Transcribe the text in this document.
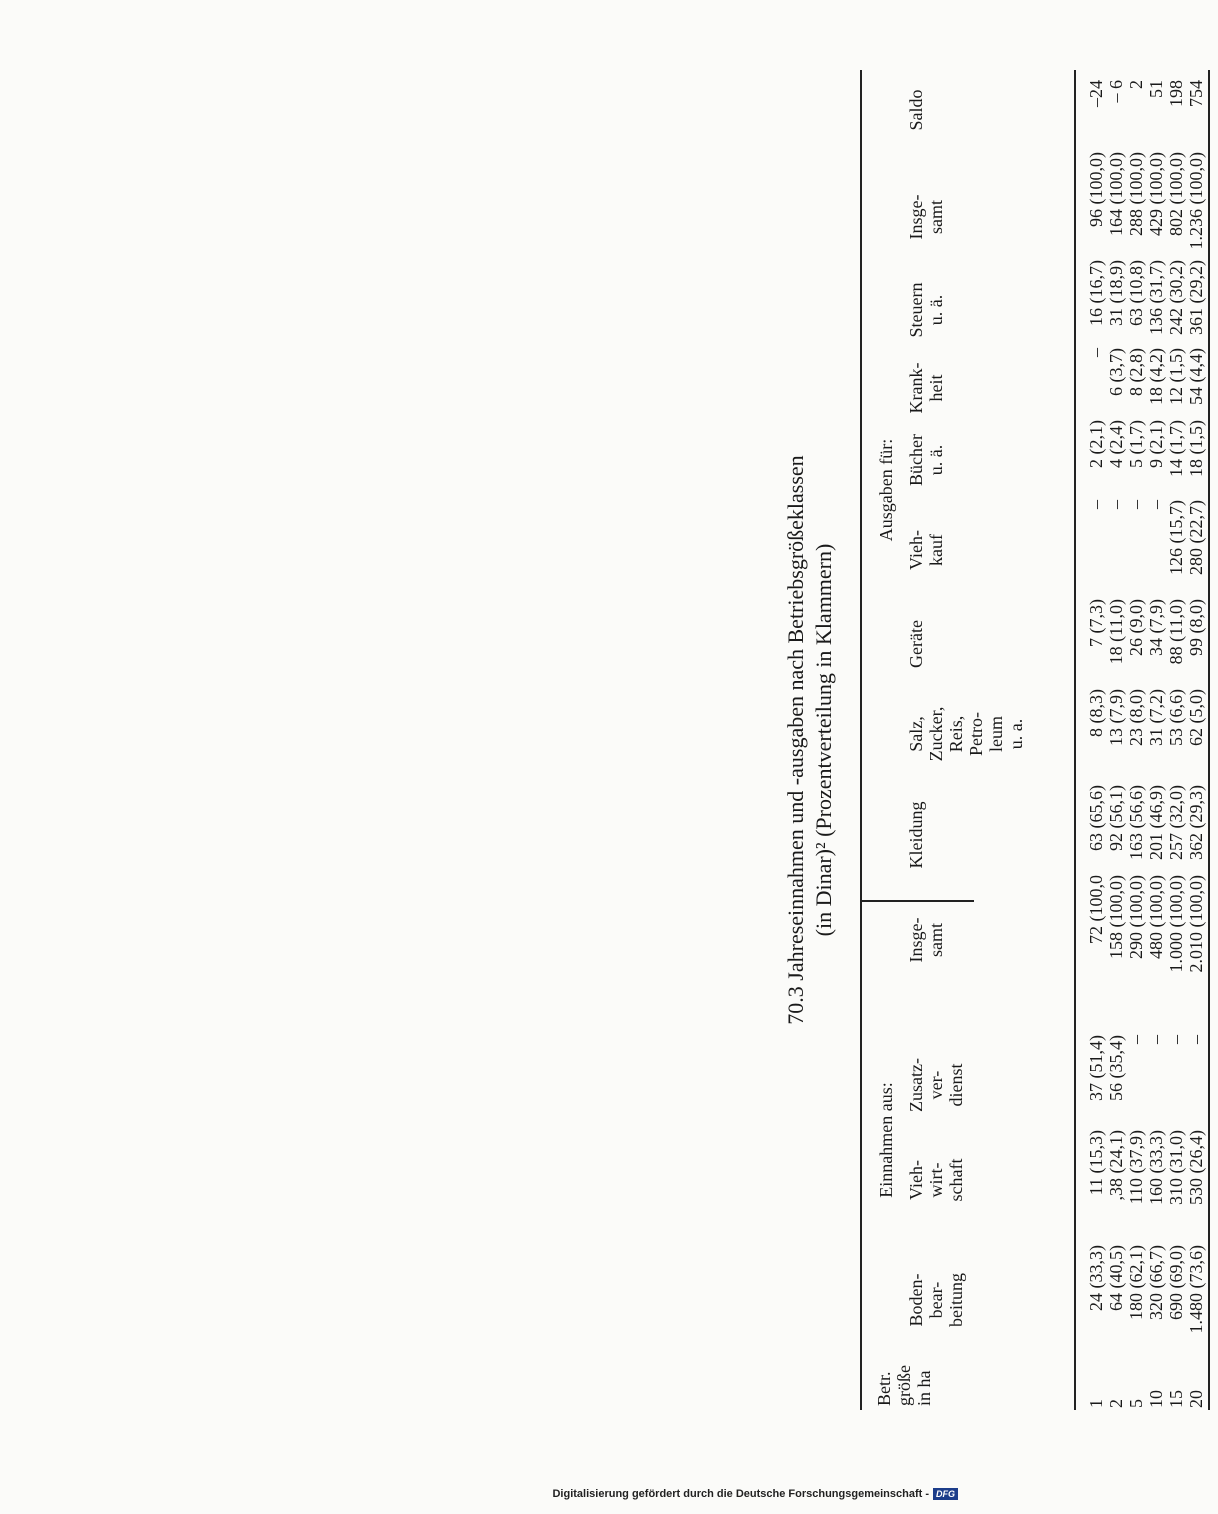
70.3 Jahreseinnahmen und -ausgaben nach Betriebsgrößeklassen (in Dinar)² (Prozentverteilung in Klammern)
Betr. größe in ha
Boden- bear- beitung
Vieh- wirt- schaft
Zusatz- ver- dienst
Insge- samt
Kleidung
Salz, Zucker, Reis, Petro- leum u. a.
Geräte
Vieh- kauf
Bücher u. ä.
Krank- heit
Steuern u. ä.
Insge- samt
Saldo
Einnahmen aus:
Ausgaben für:
1
24 (33,3)
11 (15,3)
37 (51,4)
72 (100,0
63 (65,6)
8 (8,3)
7 (7,3)
–
2 (2,1)
–
16 (16,7)
96 (100,0)
–24
2
64 (40,5)
,38 (24,1)
56 (35,4)
158 (100,0)
92 (56,1)
13 (7,9)
18 (11,0)
–
4 (2,4)
6 (3,7)
31 (18,9)
164 (100,0)
– 6
5
180 (62,1)
110 (37,9)
–
290 (100,0)
163 (56,6)
23 (8,0)
26 (9,0)
–
5 (1,7)
8 (2,8)
63 (10,8)
288 (100,0)
2
10
320 (66,7)
160 (33,3)
–
480 (100,0)
201 (46,9)
31 (7,2)
34 (7,9)
–
9 (2,1)
18 (4,2)
136 (31,7)
429 (100,0)
51
15
690 (69,0)
310 (31,0)
–
1.000 (100,0)
257 (32,0)
53 (6,6)
88 (11,0)
126 (15,7)
14 (1,7)
12 (1,5)
242 (30,2)
802 (100,0)
198
20
1.480 (73,6)
530 (26,4)
–
2.010 (100,0)
362 (29,3)
62 (5,0)
99 (8,0)
280 (22,7)
18 (1,5)
54 (4,4)
361 (29,2)
1.236 (100,0)
754
Digitalisierung gefördert durch die Deutsche Forschungsgemeinschaft - DFG
